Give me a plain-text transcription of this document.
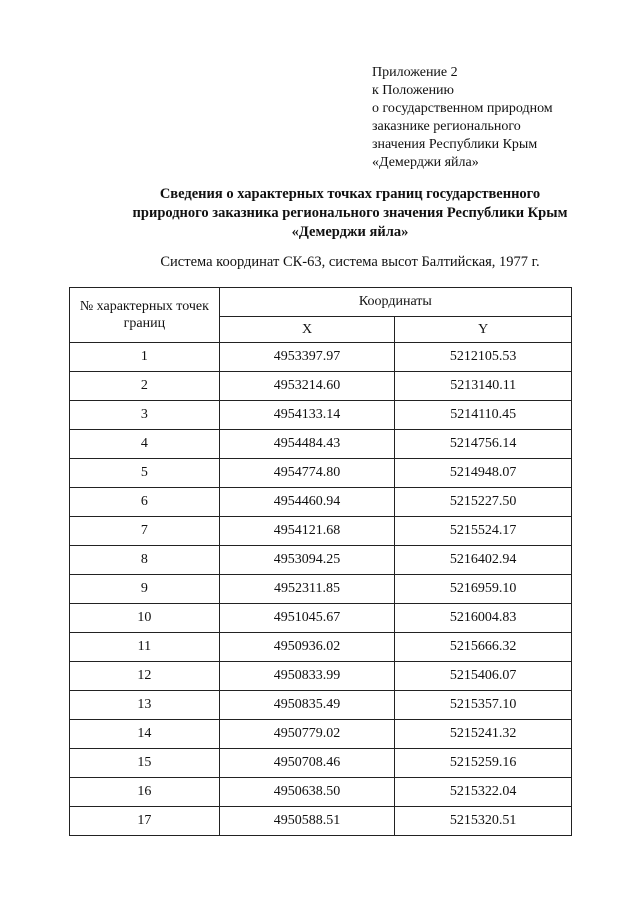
Приложение 2
к Положению
о государственном природном
заказнике регионального
значения Республики Крым
«Демерджи яйла»
Сведения о характерных точках границ государственного
природного заказника регионального значения Республики Крым
«Демерджи яйла»
Система координат СК-63, система высот Балтийская, 1977 г.
№ характерных точек границ	Координаты	
	X	Y
1	4953397.97	5212105.53
2	4953214.60	5213140.11
3	4954133.14	5214110.45
4	4954484.43	5214756.14
5	4954774.80	5214948.07
6	4954460.94	5215227.50
7	4954121.68	5215524.17
8	4953094.25	5216402.94
9	4952311.85	5216959.10
10	4951045.67	5216004.83
11	4950936.02	5215666.32
12	4950833.99	5215406.07
13	4950835.49	5215357.10
14	4950779.02	5215241.32
15	4950708.46	5215259.16
16	4950638.50	5215322.04
17	4950588.51	5215320.51
